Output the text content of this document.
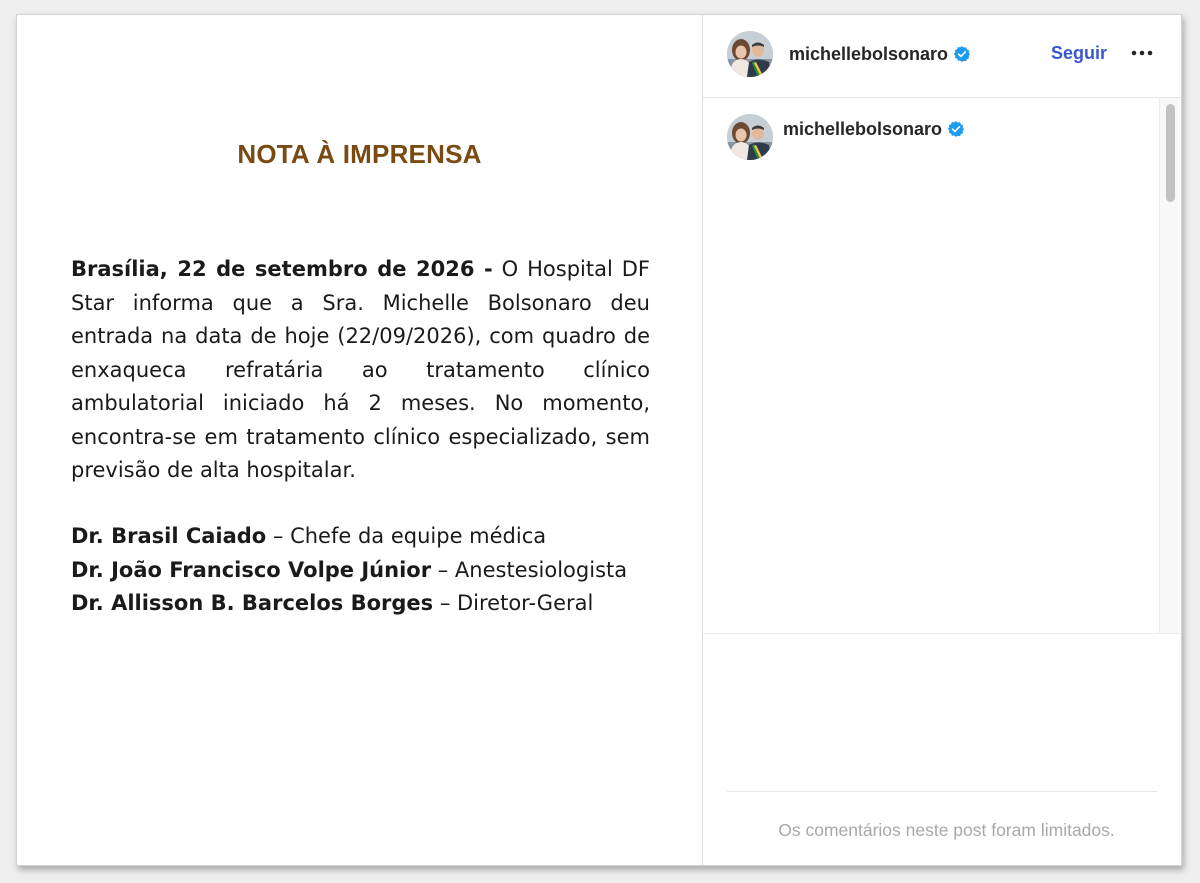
NOTA À IMPRENSA
Brasília, 22 de setembro de 2026 - O Hospital DF Star informa que a Sra. Michelle Bolsonaro deu entrada na data de hoje (22/09/2026), com quadro de enxaqueca refratária ao tratamento clínico ambulatorial iniciado há 2 meses. No momento, encontra-se em tratamento clínico especializado, sem previsão de alta hospitalar.
Dr. Brasil Caiado – Chefe da equipe médica
Dr. João Francisco Volpe Júnior – Anestesiologista
Dr. Allisson B. Barcelos Borges – Diretor-Geral
michellebolsonaro	Seguir
michellebolsonaro
Os comentários neste post foram limitados.
